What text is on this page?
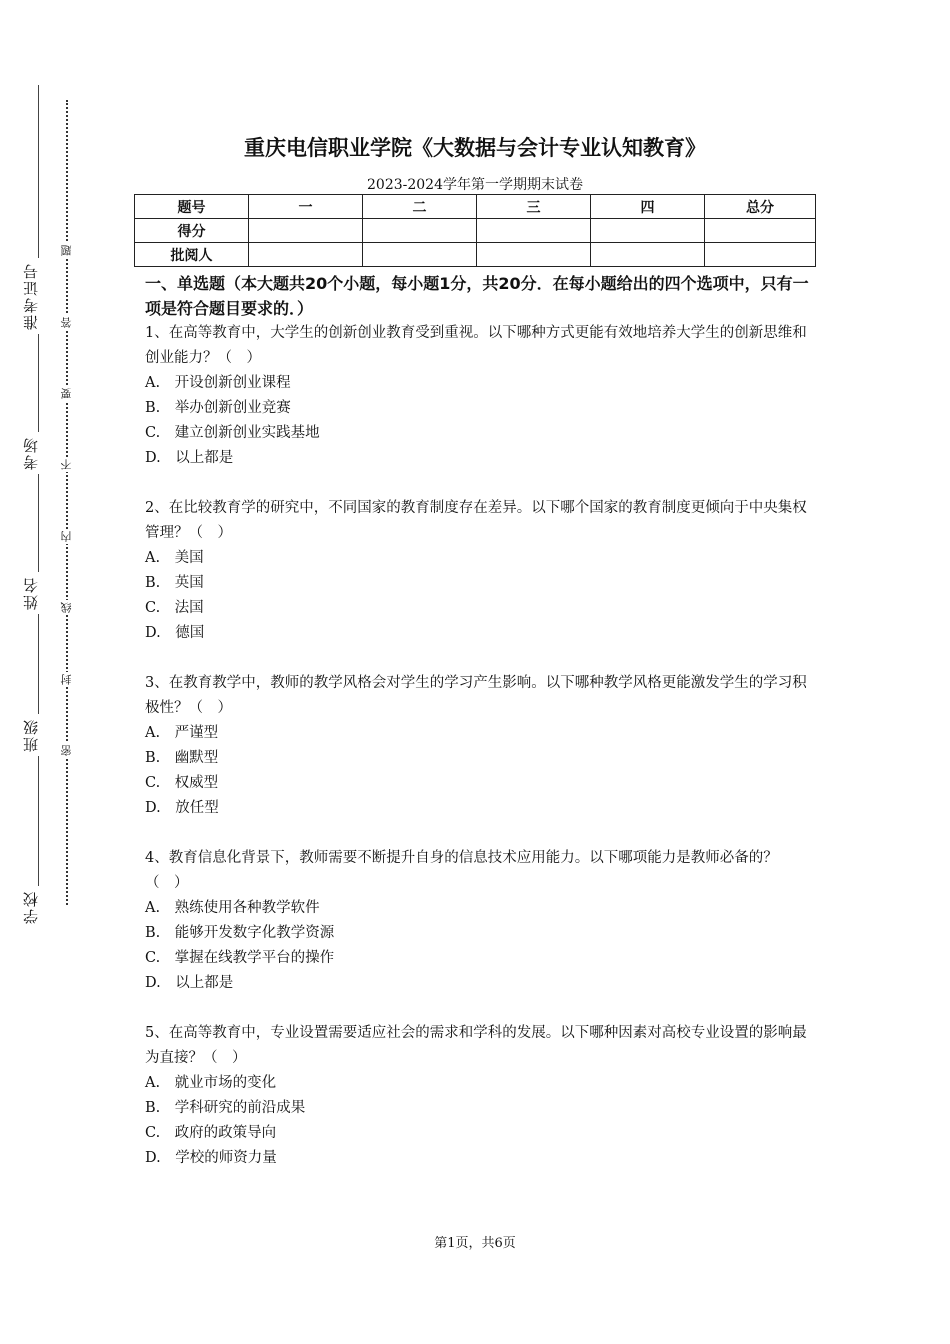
准考证号
考场
姓名
班级
学校
题
答
要
不
内
线
封
密
重庆电信职业学院《大数据与会计专业认知教育》
2023-2024学年第一学期期末试卷
题号	一	二	三	四	总分
得分					
批阅人					
一、单选题（本大题共20个小题，每小题1分，共20分．在每小题给出的四个选项中，只有一项是符合题目要求的．）
1、在高等教育中，大学生的创新创业教育受到重视。以下哪种方式更能有效地培养大学生的创新思维和创业能力？（　）
A.　开设创新创业课程
B.　举办创新创业竞赛
C.　建立创新创业实践基地
D.　以上都是
2、在比较教育学的研究中，不同国家的教育制度存在差异。以下哪个国家的教育制度更倾向于中央集权管理？（　）
A.　美国
B.　英国
C.　法国
D.　德国
3、在教育教学中，教师的教学风格会对学生的学习产生影响。以下哪种教学风格更能激发学生的学习积极性？（　）
A.　严谨型
B.　幽默型
C.　权威型
D.　放任型
4、教育信息化背景下，教师需要不断提升自身的信息技术应用能力。以下哪项能力是教师必备的？（　）
A.　熟练使用各种教学软件
B.　能够开发数字化教学资源
C.　掌握在线教学平台的操作
D.　以上都是
5、在高等教育中，专业设置需要适应社会的需求和学科的发展。以下哪种因素对高校专业设置的影响最为直接？（　）
A.　就业市场的变化
B.　学科研究的前沿成果
C.　政府的政策导向
D.　学校的师资力量
第1页，共6页
